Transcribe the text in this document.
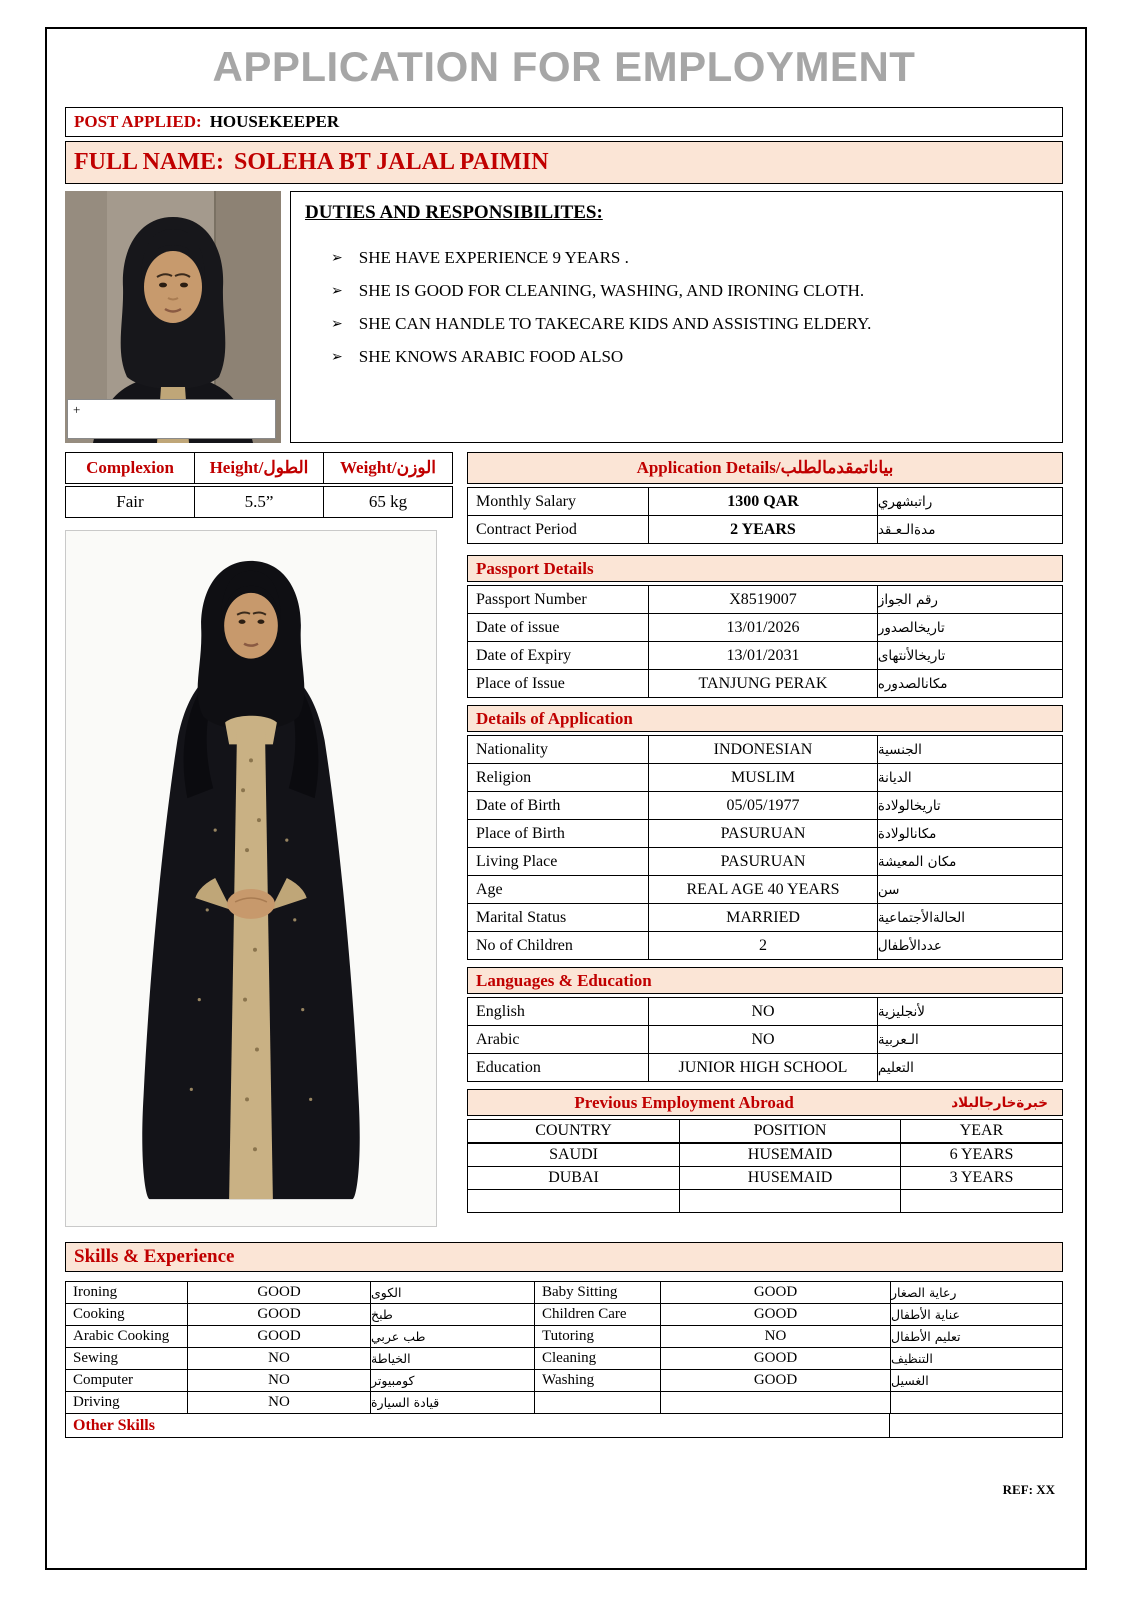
APPLICATION FOR EMPLOYMENT
POST APPLIED: HOUSEKEEPER
FULL NAME: SOLEHA BT JALAL PAIMIN
+
DUTIES AND RESPONSIBILITES:
➢ SHE HAVE EXPERIENCE 9 YEARS .
➢ SHE IS GOOD FOR CLEANING, WASHING, AND IRONING CLOTH.
➢ SHE CAN HANDLE TO TAKECARE KIDS AND ASSISTING ELDERY.
➢ SHE KNOWS ARABIC FOOD ALSO
Complexion	Height/الطول	Weight/الوزن
Fair	5.5”	65 kg
Application Details/بياناتمقدمالطلب
Monthly Salary	1300 QAR	راتبشهري
Contract Period	2 YEARS	مدةالـعـقد
Passport Details
Passport Number	X8519007	رقم الجواز
Date of issue	13/01/2026	تاريخالصدور
Date of Expiry	13/01/2031	تاريخالأنتهاى
Place of Issue	TANJUNG PERAK	مكانالصدوره
Details of Application
Nationality	INDONESIAN	الجنسية
Religion	MUSLIM	الديانة
Date of Birth	05/05/1977	تاريخالولادة
Place of Birth	PASURUAN	مكانالولادة
Living Place	PASURUAN	مكان المعيشة
Age	REAL AGE 40 YEARS	سن
Marital Status	MARRIED	الحالةالأجتماعية
No of Children	2	عددالأطفال
Languages & Education
English	NO	لأنجليزية
Arabic	NO	الـعربية
Education	JUNIOR HIGH SCHOOL	التعليم
Previous Employment Abroad	خبرةخارجالبلاد
COUNTRY	POSITION	YEAR
SAUDI	HUSEMAID	6 YEARS
DUBAI	HUSEMAID	3 YEARS
Skills & Experience
Ironing	GOOD	الكوى	Baby Sitting	GOOD	رعاية الصغار
Cooking	GOOD	طبخ	Children Care	GOOD	عناية الأطفال
Arabic Cooking	GOOD	طب عربي	Tutoring	NO	تعليم الأطفال
Sewing	NO	الخياطة	Cleaning	GOOD	التنظيف
Computer	NO	كومبيوتر	Washing	GOOD	الغسيل
Driving	NO	قيادة السيارة
Other Skills
REF: XX
